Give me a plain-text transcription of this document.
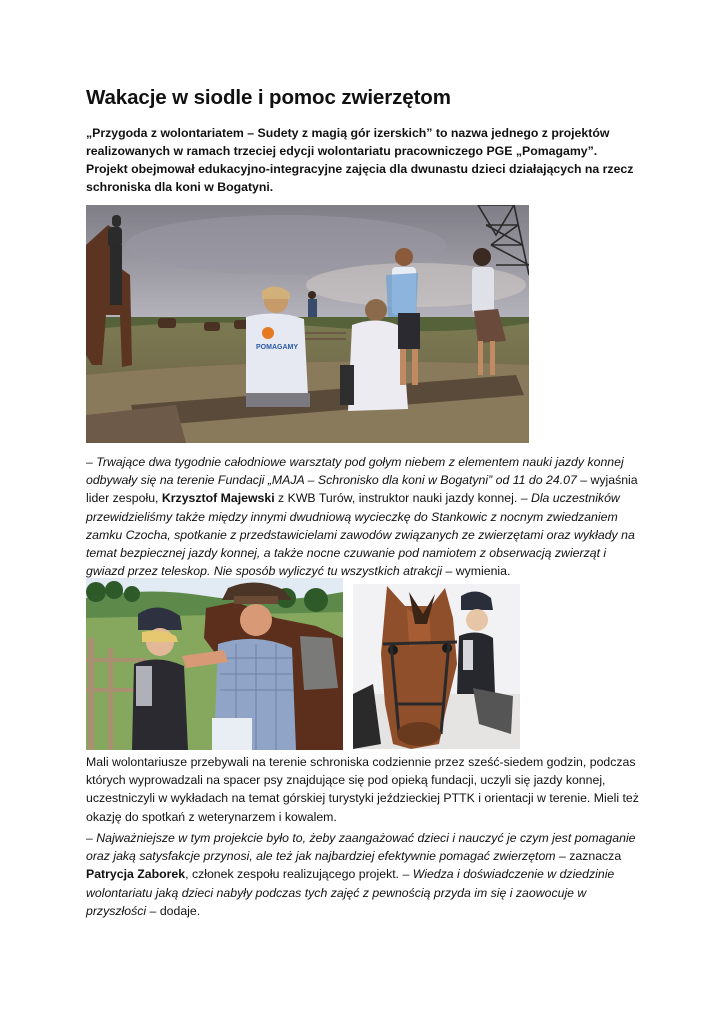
Wakacje w siodle i pomoc zwierzętom

„Przygoda z wolontariatem – Sudety z magią gór izerskich” to nazwa jednego z projektów realizowanych w ramach trzeciej edycji wolontariatu pracowniczego PGE „Pomagamy”. Projekt obejmował edukacyjno-integracyjne zajęcia dla dwunastu dzieci działających na rzecz schroniska dla koni w Bogatyni.

POMAGAMY

– Trwające dwa tygodnie całodniowe warsztaty pod gołym niebem z elementem nauki jazdy konnej odbywały się na terenie Fundacji „MAJA – Schronisko dla koni w Bogatyni” od 11 do 24.07 – wyjaśnia lider zespołu, Krzysztof Majewski z KWB Turów, instruktor nauki jazdy konnej. – Dla uczestników przewidzieliśmy także między innymi dwudniową wycieczkę do Stankowic z nocnym zwiedzaniem zamku Czocha, spotkanie z przedstawicielami zawodów związanych ze zwierzętami oraz wykłady na temat bezpiecznej jazdy konnej, a także nocne czuwanie pod namiotem z obserwacją zwierząt i gwiazd przez teleskop. Nie sposób wyliczyć tu wszystkich atrakcji – wymienia.

Mali wolontariusze przebywali na terenie schroniska codziennie przez sześć-siedem godzin, podczas których wyprowadzali na spacer psy znajdujące się pod opieką fundacji, uczyli się jazdy konnej, uczestniczyli w wykładach na temat górskiej turystyki jeździeckiej PTTK i orientacji w terenie. Mieli też okazję do spotkań z weterynarzem i kowalem.

– Najważniejsze w tym projekcie było to, żeby zaangażować dzieci i nauczyć je czym jest pomaganie oraz jaką satysfakcje przynosi, ale też jak najbardziej efektywnie pomagać zwierzętom – zaznacza Patrycja Zaborek, członek zespołu realizującego projekt. – Wiedza i doświadczenie w dziedzinie wolontariatu jaką dzieci nabyły podczas tych zajęć z pewnością przyda im się i zaowocuje w przyszłości – dodaje.
